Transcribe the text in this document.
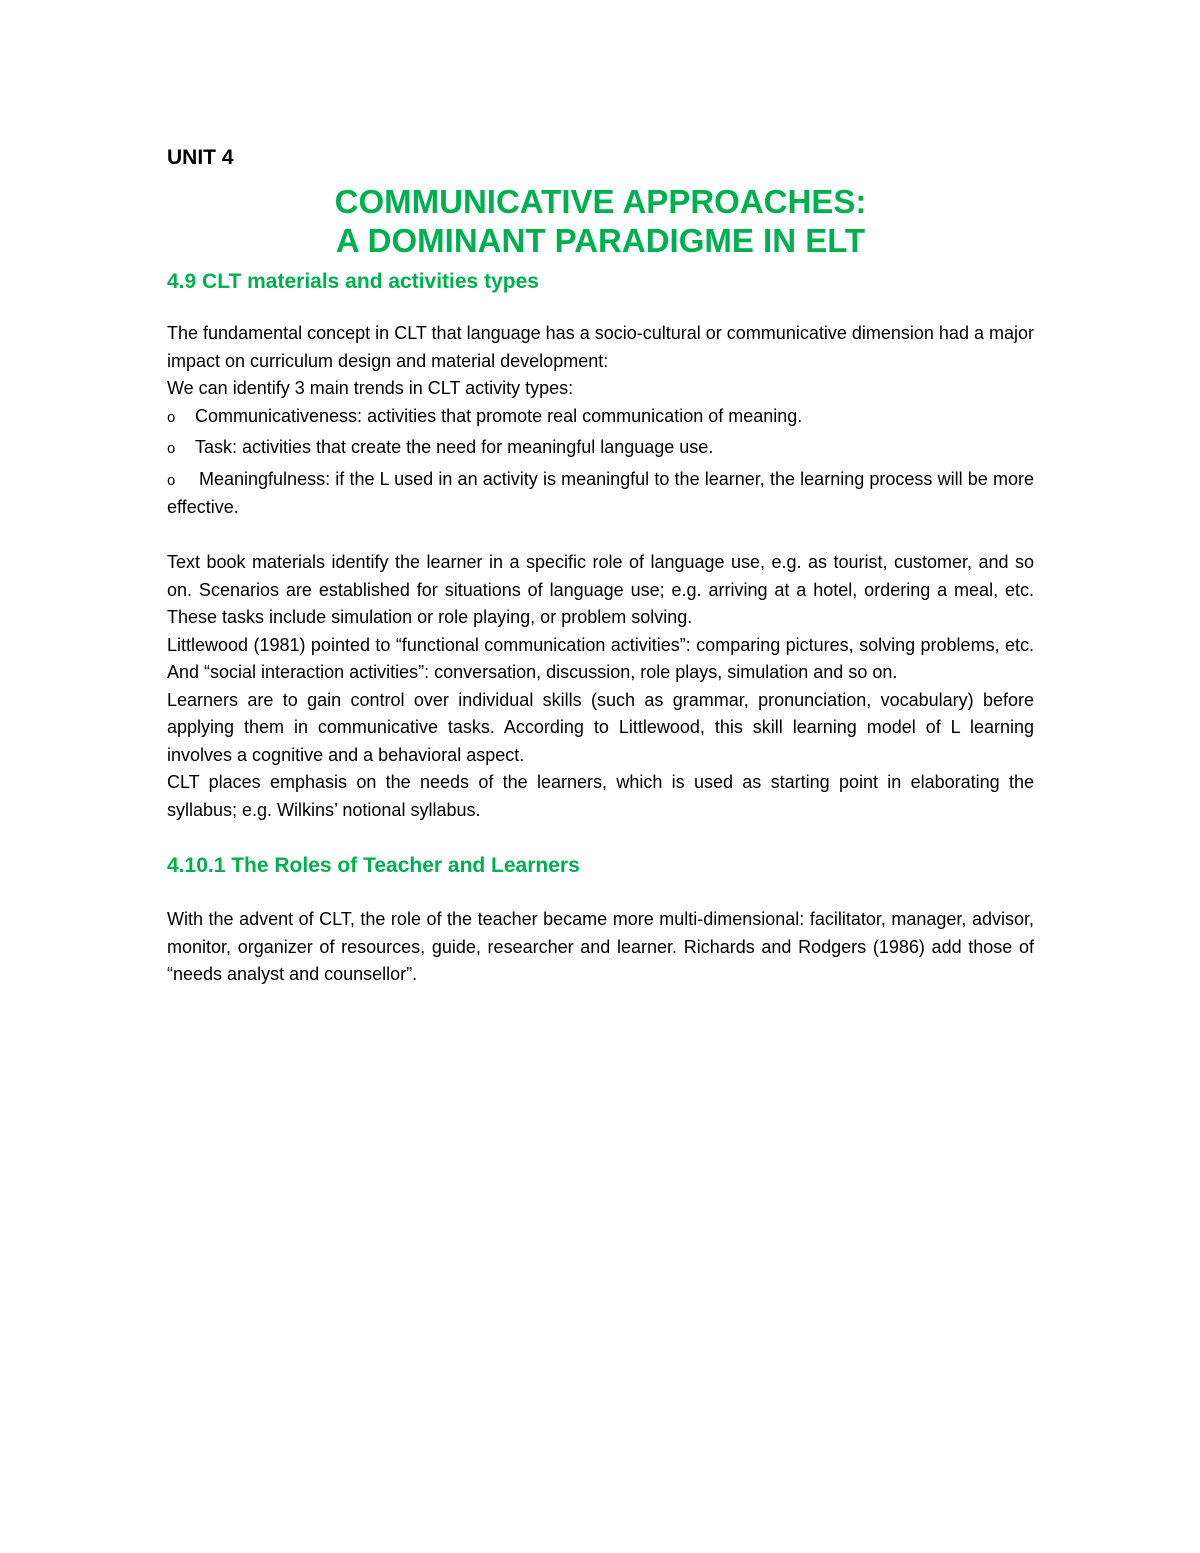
UNIT 4
COMMUNICATIVE APPROACHES:
A DOMINANT PARADIGME IN ELT
4.9 CLT materials and activities types

The fundamental concept in CLT that language has a socio-cultural or communicative dimension had a major impact on curriculum design and material development:

We can identify 3 main trends in CLT activity types:

o	Communicativeness: activities that promote real communication of meaning.
o	Task: activities that create the need for meaningful language use.

o Meaningfulness: if the L used in an activity is meaningful to the learner, the learning process will be more effective.

Text book materials identify the learner in a specific role of language use, e.g. as tourist, customer, and so on. Scenarios are established for situations of language use; e.g. arriving at a hotel, ordering a meal, etc. These tasks include simulation or role playing, or problem solving.

Littlewood (1981) pointed to “functional communication activities”: comparing pictures, solving problems, etc. And “social interaction activities”: conversation, discussion, role plays, simulation and so on.

Learners are to gain control over individual skills (such as grammar, pronunciation, vocabulary) before applying them in communicative tasks. According to Littlewood, this skill learning model of L learning involves a cognitive and a behavioral aspect.

CLT places emphasis on the needs of the learners, which is used as starting point in elaborating the syllabus; e.g. Wilkins’ notional syllabus.

4.10.1 The Roles of Teacher and Learners

With the advent of CLT, the role of the teacher became more multi-dimensional: facilitator, manager, advisor, monitor, organizer of resources, guide, researcher and learner. Richards and Rodgers (1986) add those of “needs analyst and counsellor”.
